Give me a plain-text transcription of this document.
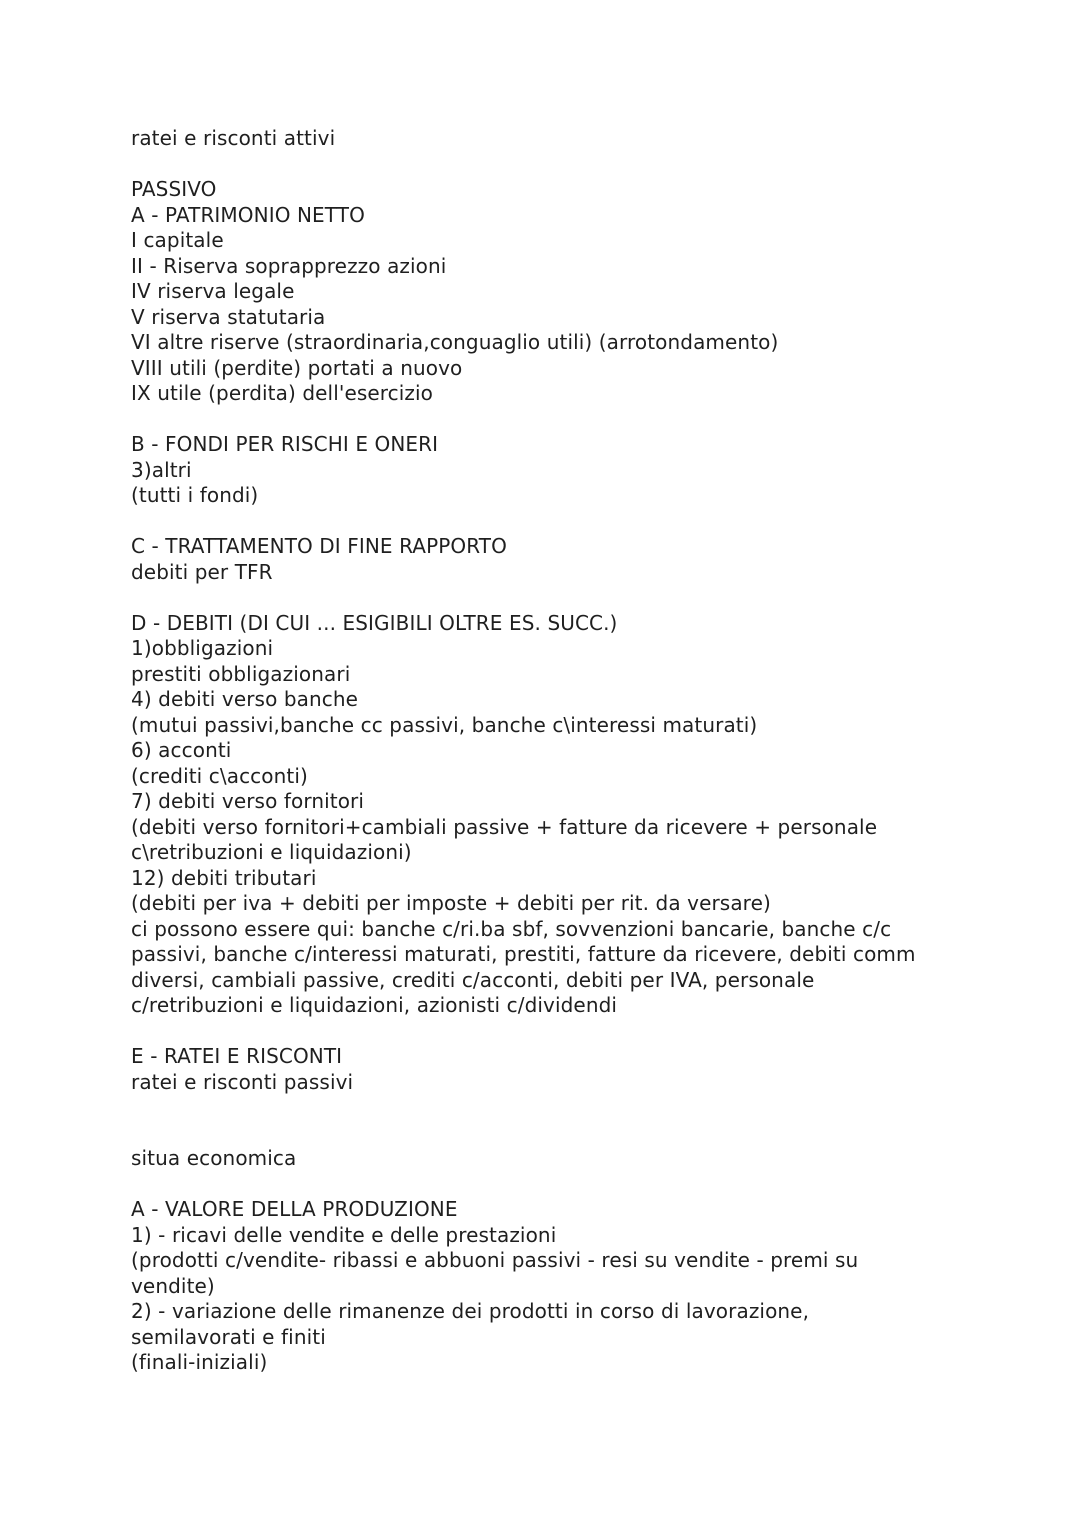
ratei e risconti attivi
PASSIVO
A - PATRIMONIO NETTO
I capitale
II - Riserva soprapprezzo azioni
IV riserva legale
V riserva statutaria
VI altre riserve (straordinaria,conguaglio utili) (arrotondamento)
VIII utili (perdite) portati a nuovo
IX utile (perdita) dell'esercizio
B - FONDI PER RISCHI E ONERI
3)altri
(tutti i fondi)
C - TRATTAMENTO DI FINE RAPPORTO
debiti per TFR
D - DEBITI (DI CUI ... ESIGIBILI OLTRE ES. SUCC.)
1)obbligazioni
prestiti obbligazionari
4) debiti verso banche
(mutui passivi,banche cc passivi, banche c\interessi maturati)
6) acconti
(crediti c\acconti)
7) debiti verso fornitori
(debiti verso fornitori+cambiali passive + fatture da ricevere + personale
c\retribuzioni e liquidazioni)
12) debiti tributari
(debiti per iva + debiti per imposte + debiti per rit. da versare)
ci possono essere qui: banche c/ri.ba sbf, sovvenzioni bancarie, banche c/c
passivi, banche c/interessi maturati, prestiti, fatture da ricevere, debiti comm
diversi, cambiali passive, crediti c/acconti, debiti per IVA, personale
c/retribuzioni e liquidazioni, azionisti c/dividendi
E - RATEI E RISCONTI
ratei e risconti passivi
situa economica
A - VALORE DELLA PRODUZIONE
1) - ricavi delle vendite e delle prestazioni
(prodotti c/vendite- ribassi e abbuoni passivi - resi su vendite - premi su
vendite)
2) - variazione delle rimanenze dei prodotti in corso di lavorazione,
semilavorati e finiti
(finali-iniziali)
